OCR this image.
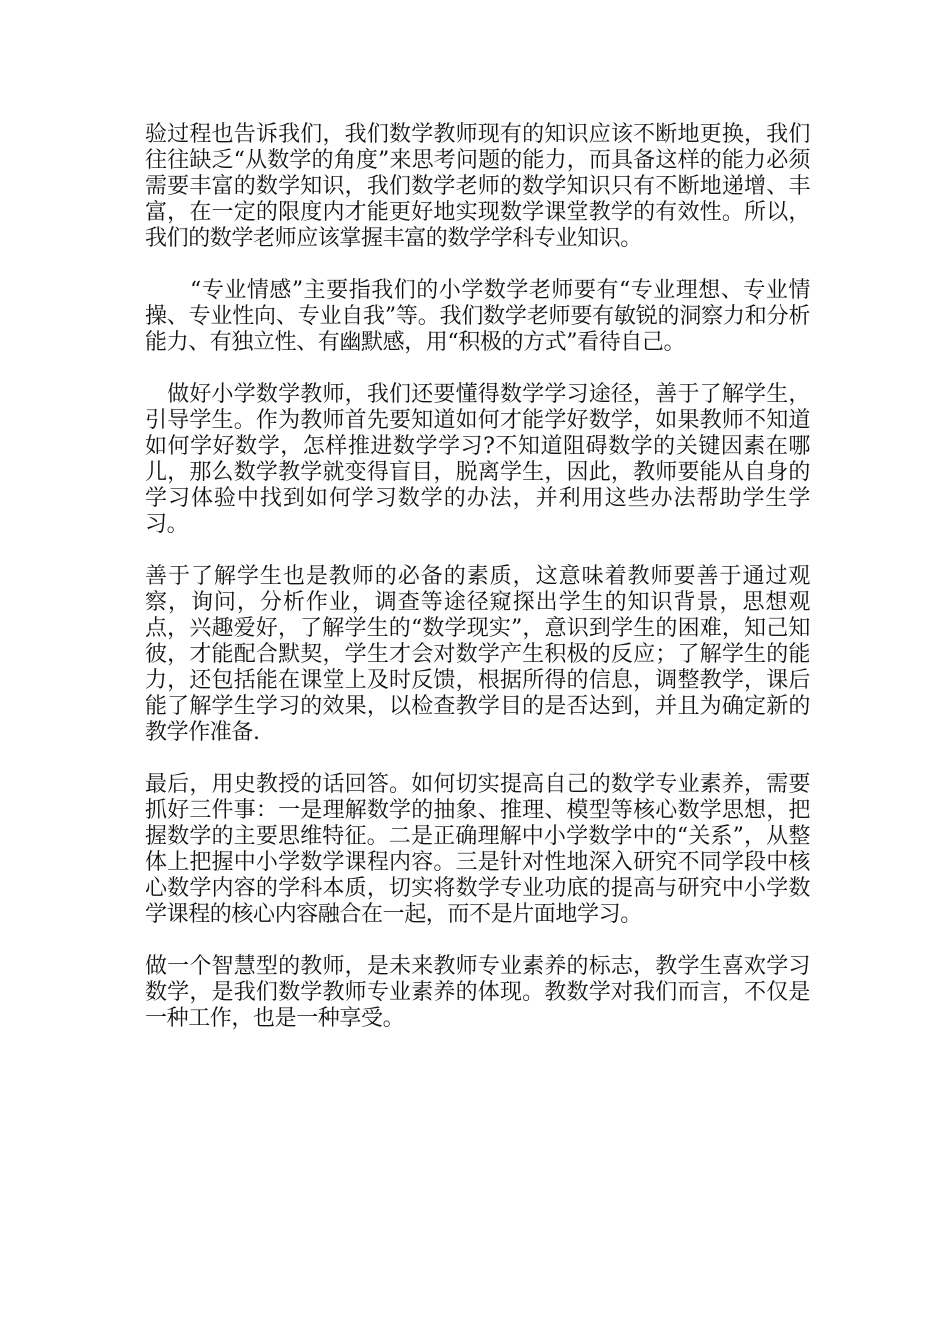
验过程也告诉我们，我们数学教师现有的知识应该不断地更换，我们往往缺乏“从数学的角度”来思考问题的能力，而具备这样的能力必须需要丰富的数学知识，我们数学老师的数学知识只有不断地递增、丰富，在一定的限度内才能更好地实现数学课堂教学的有效性。所以，我们的数学老师应该掌握丰富的数学学科专业知识。

　　“专业情感”主要指我们的小学数学老师要有“专业理想、专业情操、专业性向、专业自我”等。我们数学老师要有敏锐的洞察力和分析能力、有独立性、有幽默感，用“积极的方式”看待自己。

　做好小学数学教师，我们还要懂得数学学习途径，善于了解学生，引导学生。作为教师首先要知道如何才能学好数学，如果教师不知道如何学好数学，怎样推进数学学习?不知道阻碍数学的关键因素在哪儿，那么数学教学就变得盲目，脱离学生，因此，教师要能从自身的学习体验中找到如何学习数学的办法，并利用这些办法帮助学生学习。

善于了解学生也是教师的必备的素质，这意味着教师要善于通过观察，询问，分析作业，调查等途径窥探出学生的知识背景，思想观点，兴趣爱好，了解学生的“数学现实”，意识到学生的困难，知己知彼，才能配合默契，学生才会对数学产生积极的反应；了解学生的能力，还包括能在课堂上及时反馈，根据所得的信息，调整教学，课后能了解学生学习的效果，以检查教学目的是否达到，并且为确定新的教学作准备.

最后，用史教授的话回答。如何切实提高自己的数学专业素养，需要抓好三件事：一是理解数学的抽象、推理、模型等核心数学思想，把握数学的主要思维特征。二是正确理解中小学数学中的“关系”，从整体上把握中小学数学课程内容。三是针对性地深入研究不同学段中核心数学内容的学科本质，切实将数学专业功底的提高与研究中小学数学课程的核心内容融合在一起，而不是片面地学习。

做一个智慧型的教师，是未来教师专业素养的标志，教学生喜欢学习数学，是我们数学教师专业素养的体现。教数学对我们而言，不仅是一种工作，也是一种享受。
